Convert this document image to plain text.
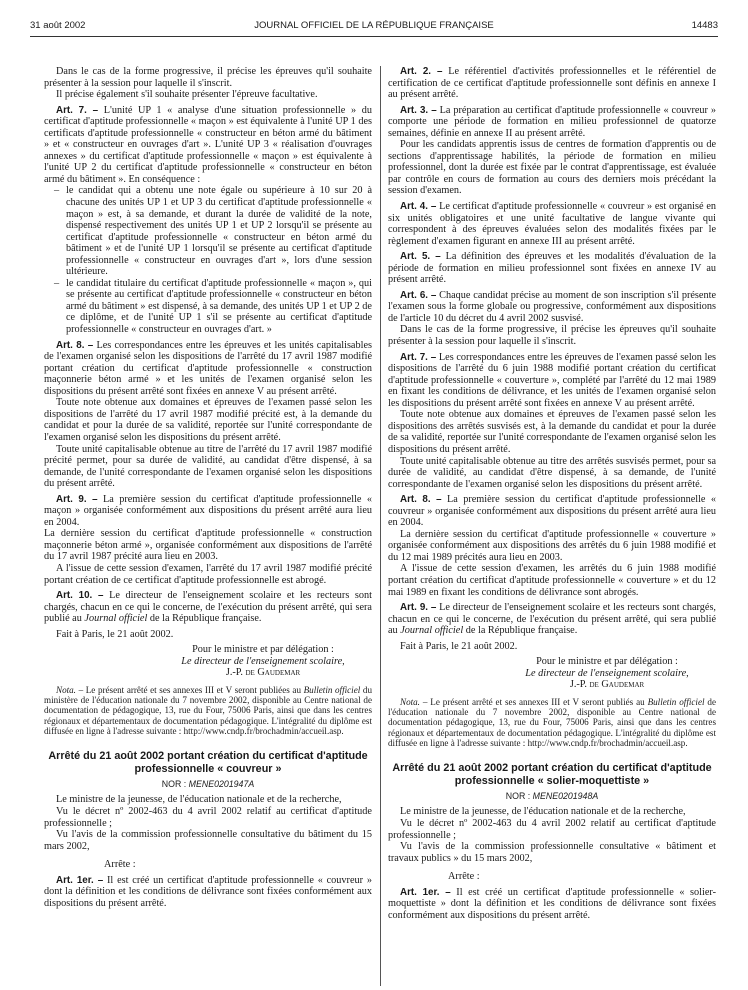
31 août 2002	JOURNAL OFFICIEL DE LA RÉPUBLIQUE FRANÇAISE	14483

Dans le cas de la forme progressive, il précise les épreuves qu'il souhaite présenter à la session pour laquelle il s'inscrit.

Il précise également s'il souhaite présenter l'épreuve facultative.

Art. 7. – L'unité UP 1 « analyse d'une situation professionnelle » du certificat d'aptitude professionnelle « maçon » est équivalente à l'unité UP 1 des certificats d'aptitude professionnelle « constructeur en béton armé du bâtiment » et « constructeur en ouvrages d'art ». L'unité UP 3 « réalisation d'ouvrages annexes » du certificat d'aptitude professionnelle « maçon » est équivalente à l'unité UP 2 du certificat d'aptitude professionnelle « constructeur en béton armé du bâtiment ». En conséquence :

– le candidat qui a obtenu une note égale ou supérieure à 10 sur 20 à chacune des unités UP 1 et UP 3 du certificat d'aptitude professionnelle « maçon » est, à sa demande, et durant la durée de validité de la note, dispensé respectivement des unités UP 1 et UP 2 lorsqu'il se présente au certificat d'aptitude professionnelle « constructeur en béton armé du bâtiment » et de l'unité UP 1 lorsqu'il se présente au certificat d'aptitude professionnelle « constructeur en ouvrages d'art », lors d'une session ultérieure.
– le candidat titulaire du certificat d'aptitude professionnelle « maçon », qui se présente au certificat d'aptitude professionnelle « constructeur en béton armé du bâtiment » est dispensé, à sa demande, des unités UP 1 et UP 2 de ce diplôme, et de l'unité UP 1 s'il se présente au certificat d'aptitude professionnelle « constructeur en ouvrages d'art. »

Art. 8. – Les correspondances entre les épreuves et les unités capitalisables de l'examen organisé selon les dispositions de l'arrêté du 17 avril 1987 modifié portant création du certificat d'aptitude professionnelle « construction maçonnerie béton armé » et les unités de l'examen organisé selon les dispositions du présent arrêté sont fixées en annexe V au présent arrêté.

Toute note obtenue aux domaines et épreuves de l'examen passé selon les dispositions de l'arrêté du 17 avril 1987 modifié précité est, à la demande du candidat et pour la durée de sa validité, reportée sur l'unité correspondante de l'examen organisé selon les dispositions du présent arrêté.

Toute unité capitalisable obtenue au titre de l'arrêté du 17 avril 1987 modifié précité permet, pour sa durée de validité, au candidat d'être dispensé, à sa demande, de l'unité correspondante de l'examen organisé selon les dispositions du présent arrêté.

Art. 9. – La première session du certificat d'aptitude professionnelle « maçon » organisée conformément aux dispositions du présent arrêté aura lieu en 2004.

La dernière session du certificat d'aptitude professionnelle « construction maçonnerie béton armé », organisée conformément aux dispositions de l'arrêté du 17 avril 1987 précité aura lieu en 2003.

A l'issue de cette session d'examen, l'arrêté du 17 avril 1987 modifié précité portant création de ce certificat d'aptitude professionnelle est abrogé.

Art. 10. – Le directeur de l'enseignement scolaire et les recteurs sont chargés, chacun en ce qui le concerne, de l'exécution du présent arrêté, qui sera publié au Journal officiel de la République française.

Fait à Paris, le 21 août 2002.

Pour le ministre et par délégation :

Le directeur de l'enseignement scolaire,

J.-P. de Gaudemar

Nota. – Le présent arrêté et ses annexes III et V seront publiées au Bulletin officiel du ministère de l'éducation nationale du 7 novembre 2002, disponible au Centre national de documentation de pédagogique, 13, rue du Four, 75006 Paris, ainsi que dans les centres régionaux et départementaux de documentation pédagogique. L'intégralité du diplôme est diffusée en ligne à l'adresse suivante : http://www.cndp.fr/brochadmin/accueil.asp.

Arrêté du 21 août 2002 portant création du certificat d'aptitude professionnelle « couvreur »

NOR : MENE0201947A

Le ministre de la jeunesse, de l'éducation nationale et de la recherche,

Vu le décret nº 2002-463 du 4 avril 2002 relatif au certificat d'aptitude professionnelle ;

Vu l'avis de la commission professionnelle consultative du bâtiment du 15 mars 2002,

Arrête :

Art. 1er. – Il est créé un certificat d'aptitude professionnelle « couvreur » dont la définition et les conditions de délivrance sont fixées conformément aux dispositions du présent arrêté.

Art. 2. – Le référentiel d'activités professionnelles et le référentiel de certification de ce certificat d'aptitude professionnelle sont définis en annexe I au présent arrêté.

Art. 3. – La préparation au certificat d'aptitude professionnelle « couvreur » comporte une période de formation en milieu professionnel de quatorze semaines, définie en annexe II au présent arrêté.

Pour les candidats apprentis issus de centres de formation d'apprentis ou de sections d'apprentissage habilités, la période de formation en milieu professionnel, dont la durée est fixée par le contrat d'apprentissage, est évaluée par contrôle en cours de formation au cours des derniers mois précédant la session d'examen.

Art. 4. – Le certificat d'aptitude professionnelle « couvreur » est organisé en six unités obligatoires et une unité facultative de langue vivante qui correspondent à des épreuves évaluées selon des modalités fixées par le règlement d'examen figurant en annexe III au présent arrêté.

Art. 5. – La définition des épreuves et les modalités d'évaluation de la période de formation en milieu professionnel sont fixées en annexe IV au présent arrêté.

Art. 6. – Chaque candidat précise au moment de son inscription s'il présente l'examen sous la forme globale ou progressive, conformément aux dispositions de l'article 10 du décret du 4 avril 2002 susvisé.

Dans le cas de la forme progressive, il précise les épreuves qu'il souhaite présenter à la session pour laquelle il s'inscrit.

Art. 7. – Les correspondances entre les épreuves de l'examen passé selon les dispositions de l'arrêté du 6 juin 1988 modifié portant création du certificat d'aptitude professionnelle « couverture », complété par l'arrêté du 12 mai 1989 en fixant les conditions de délivrance, et les unités de l'examen organisé selon les dispositions du présent arrêté sont fixées en annexe V au présent arrêté.

Toute note obtenue aux domaines et épreuves de l'examen passé selon les dispositions des arrêtés susvisés est, à la demande du candidat et pour la durée de sa validité, reportée sur l'unité correspondante de l'examen organisé selon les dispositions du présent arrêté.

Toute unité capitalisable obtenue au titre des arrêtés susvisés permet, pour sa durée de validité, au candidat d'être dispensé, à sa demande, de l'unité correspondante de l'examen organisé selon les dispositions du présent arrêté.

Art. 8. – La première session du certificat d'aptitude professionnelle « couvreur » organisée conformément aux dispositions du présent arrêté aura lieu en 2004.

La dernière session du certificat d'aptitude professionnelle « couverture » organisée conformément aux dispositions des arrêtés du 6 juin 1988 modifié et du 12 mai 1989 précités aura lieu en 2003.

A l'issue de cette session d'examen, les arrêtés du 6 juin 1988 modifié portant création du certificat d'aptitude professionnelle « couverture » et du 12 mai 1989 en fixant les conditions de délivrance sont abrogés.

Art. 9. – Le directeur de l'enseignement scolaire et les recteurs sont chargés, chacun en ce qui le concerne, de l'exécution du présent arrêté, qui sera publié au Journal officiel de la République française.

Fait à Paris, le 21 août 2002.

Pour le ministre et par délégation :

Le directeur de l'enseignement scolaire,

J.-P. de Gaudemar

Nota. – Le présent arrêté et ses annexes III et V seront publiés au Bulletin officiel de l'éducation nationale du 7 novembre 2002, disponible au Centre national de documentation pédagogique, 13, rue du Four, 75006 Paris, ainsi que dans les centres régionaux et départementaux de documentation pédagogique. L'intégralité du diplôme est diffusée en ligne à l'adresse suivante : http://www.cndp.fr/brochadmin/accueil.asp.

Arrêté du 21 août 2002 portant création du certificat d'aptitude professionnelle « solier-moquettiste »

NOR : MENE0201948A

Le ministre de la jeunesse, de l'éducation nationale et de la recherche,

Vu le décret nº 2002-463 du 4 avril 2002 relatif au certificat d'aptitude professionnelle ;

Vu l'avis de la commission professionnelle consultative « bâtiment et travaux publics » du 15 mars 2002,

Arrête :

Art. 1er. – Il est créé un certificat d'aptitude professionnelle « solier-moquettiste » dont la définition et les conditions de délivrance sont fixées conformément aux dispositions du présent arrêté.
